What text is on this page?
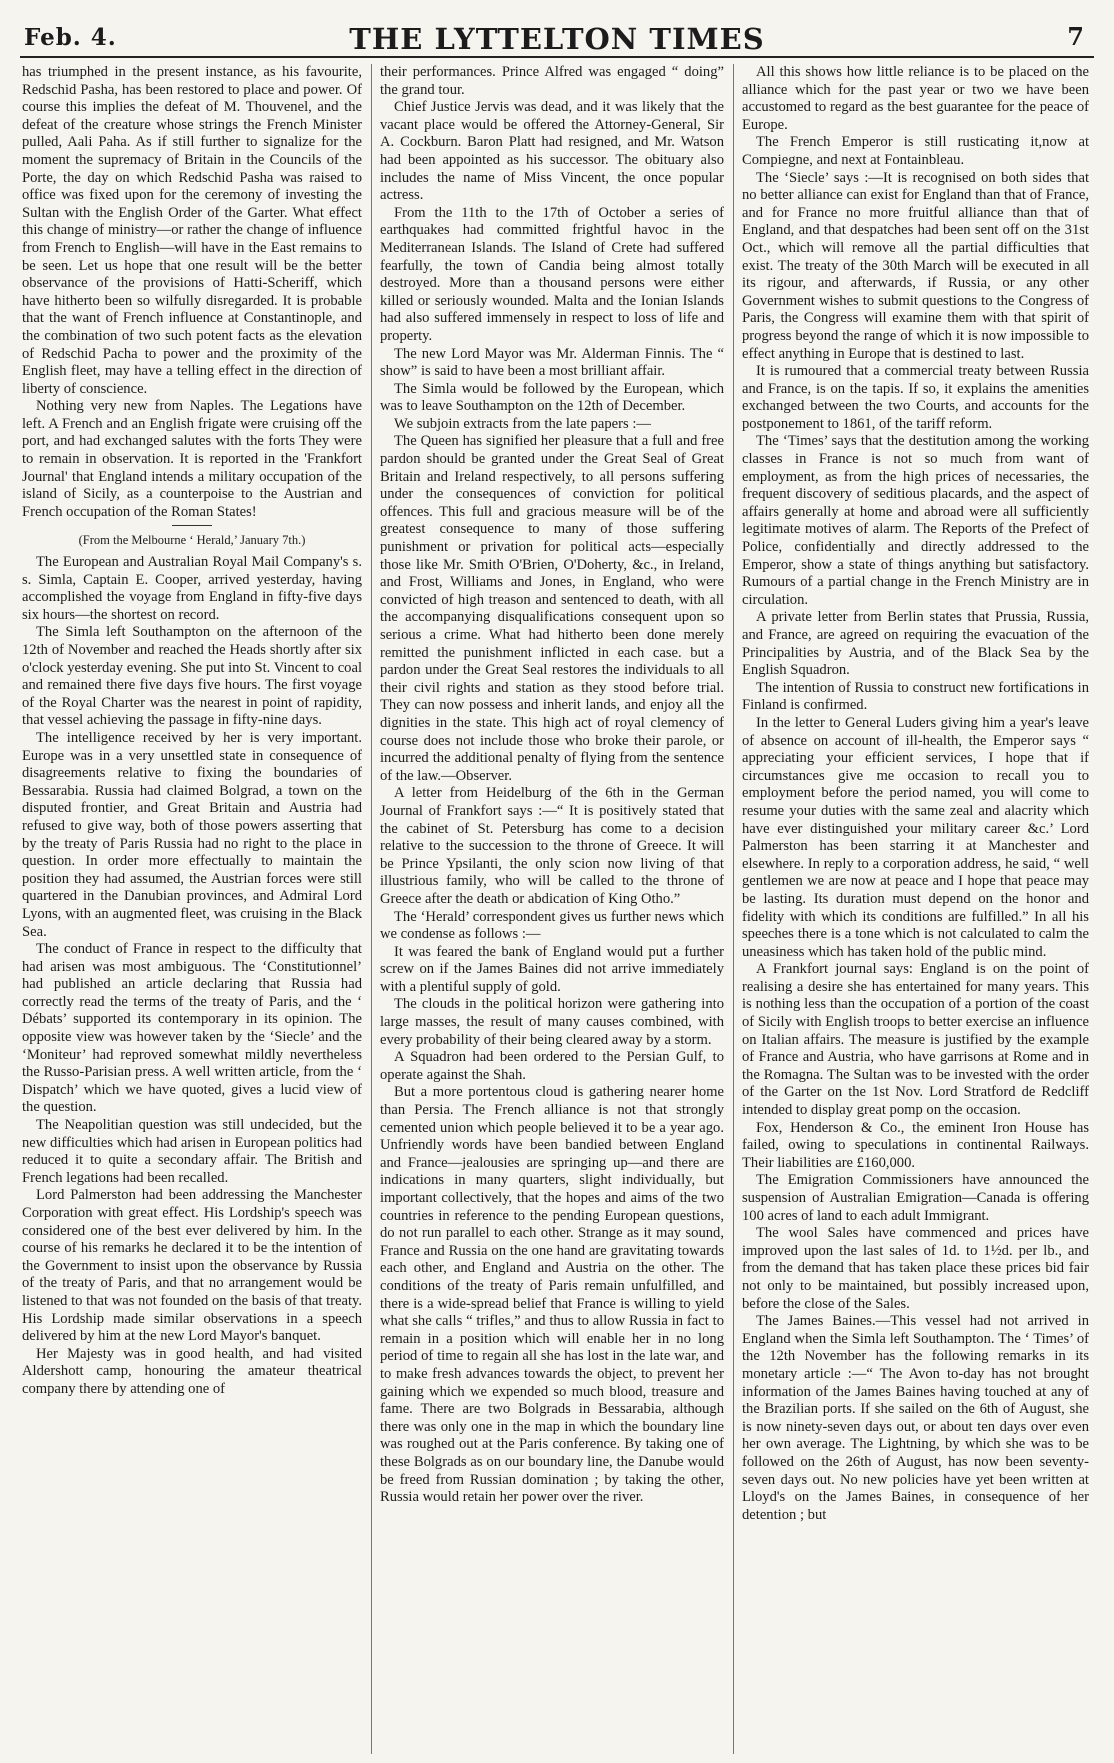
Feb. 4.	THE LYTTELTON TIMES	7

has triumphed in the present instance, as his favourite, Redschid Pasha, has been restored to place and power. Of course this implies the defeat of M. Thouvenel, and the defeat of the creature whose strings the French Minister pulled, Aali Paha. As if still further to signalize for the moment the supremacy of Britain in the Councils of the Porte, the day on which Redschid Pasha was raised to office was fixed upon for the ceremony of investing the Sultan with the English Order of the Garter. What effect this change of ministry—or rather the change of influence from French to English—will have in the East remains to be seen. Let us hope that one result will be the better observance of the provisions of Hatti-Scheriff, which have hitherto been so wilfully disregarded. It is probable that the want of French influence at Constantinople, and the combination of two such potent facts as the elevation of Redschid Pacha to power and the proximity of the English fleet, may have a telling effect in the direction of liberty of conscience.

Nothing very new from Naples. The Legations have left. A French and an English frigate were cruising off the port, and had exchanged salutes with the forts They were to remain in observation. It is reported in the 'Frankfort Journal' that England intends a military occupation of the island of Sicily, as a counterpoise to the Austrian and French occupation of the Roman States!

(From the Melbourne ‘ Herald,’ January 7th.)

The European and Australian Royal Mail Company's s. s. Simla, Captain E. Cooper, arrived yesterday, having accomplished the voyage from England in fifty-five days six hours—the shortest on record.

The Simla left Southampton on the afternoon of the 12th of November and reached the Heads shortly after six o'clock yesterday evening. She put into St. Vincent to coal and remained there five days five hours. The first voyage of the Royal Charter was the nearest in point of rapidity, that vessel achieving the passage in fifty-nine days.

The intelligence received by her is very important. Europe was in a very unsettled state in consequence of disagreements relative to fixing the boundaries of Bessarabia. Russia had claimed Bolgrad, a town on the disputed frontier, and Great Britain and Austria had refused to give way, both of those powers asserting that by the treaty of Paris Russia had no right to the place in question. In order more effectually to maintain the position they had assumed, the Austrian forces were still quartered in the Danubian provinces, and Admiral Lord Lyons, with an augmented fleet, was cruising in the Black Sea.

The conduct of France in respect to the difficulty that had arisen was most ambiguous. The ‘Constitutionnel’ had published an article declaring that Russia had correctly read the terms of the treaty of Paris, and the ‘ Débats’ supported its contemporary in its opinion. The opposite view was however taken by the ‘Siecle’ and the ‘Moniteur’ had reproved somewhat mildly nevertheless the Russo-Parisian press. A well written article, from the ‘ Dispatch’ which we have quoted, gives a lucid view of the question.

The Neapolitian question was still undecided, but the new difficulties which had arisen in European politics had reduced it to quite a secondary affair. The British and French legations had been recalled.

Lord Palmerston had been addressing the Manchester Corporation with great effect. His Lordship's speech was considered one of the best ever delivered by him. In the course of his remarks he declared it to be the intention of the Government to insist upon the observance by Russia of the treaty of Paris, and that no arrangement would be listened to that was not founded on the basis of that treaty. His Lordship made similar observations in a speech delivered by him at the new Lord Mayor's banquet.

Her Majesty was in good health, and had visited Aldershott camp, honouring the amateur theatrical company there by attending one of

their performances. Prince Alfred was engaged “ doing” the grand tour.

Chief Justice Jervis was dead, and it was likely that the vacant place would be offered the Attorney-General, Sir A. Cockburn. Baron Platt had resigned, and Mr. Watson had been appointed as his successor. The obituary also includes the name of Miss Vincent, the once popular actress.

From the 11th to the 17th of October a series of earthquakes had committed frightful havoc in the Mediterranean Islands. The Island of Crete had suffered fearfully, the town of Candia being almost totally destroyed. More than a thousand persons were either killed or seriously wounded. Malta and the Ionian Islands had also suffered immensely in respect to loss of life and property.

The new Lord Mayor was Mr. Alderman Finnis. The “ show” is said to have been a most brilliant affair.

The Simla would be followed by the European, which was to leave Southampton on the 12th of December.

We subjoin extracts from the late papers :—

The Queen has signified her pleasure that a full and free pardon should be granted under the Great Seal of Great Britain and Ireland respectively, to all persons suffering under the consequences of conviction for political offences. This full and gracious measure will be of the greatest consequence to many of those suffering punishment or privation for political acts—especially those like Mr. Smith O'Brien, O'Doherty, &c., in Ireland, and Frost, Williams and Jones, in England, who were convicted of high treason and sentenced to death, with all the accompanying disqualifications consequent upon so serious a crime. What had hitherto been done merely remitted the punishment inflicted in each case. but a pardon under the Great Seal restores the individuals to all their civil rights and station as they stood before trial. They can now possess and inherit lands, and enjoy all the dignities in the state. This high act of royal clemency of course does not include those who broke their parole, or incurred the additional penalty of flying from the sentence of the law.—Observer.

A letter from Heidelburg of the 6th in the German Journal of Frankfort says :—“ It is positively stated that the cabinet of St. Petersburg has come to a decision relative to the succession to the throne of Greece. It will be Prince Ypsilanti, the only scion now living of that illustrious family, who will be called to the throne of Greece after the death or abdication of King Otho.”

The ‘Herald’ correspondent gives us further news which we condense as follows :—

It was feared the bank of England would put a further screw on if the James Baines did not arrive immediately with a plentiful supply of gold.

The clouds in the political horizon were gathering into large masses, the result of many causes combined, with every probability of their being cleared away by a storm.

A Squadron had been ordered to the Persian Gulf, to operate against the Shah.

But a more portentous cloud is gathering nearer home than Persia. The French alliance is not that strongly cemented union which people believed it to be a year ago. Unfriendly words have been bandied between England and France—jealousies are springing up—and there are indications in many quarters, slight individually, but important collectively, that the hopes and aims of the two countries in reference to the pending European questions, do not run parallel to each other. Strange as it may sound, France and Russia on the one hand are gravitating towards each other, and England and Austria on the other. The conditions of the treaty of Paris remain unfulfilled, and there is a wide-spread belief that France is willing to yield what she calls “ trifles,” and thus to allow Russia in fact to remain in a position which will enable her in no long period of time to regain all she has lost in the late war, and to make fresh advances towards the object, to prevent her gaining which we expended so much blood, treasure and fame. There are two Bolgrads in Bessarabia, although there was only one in the map in which the boundary line was roughed out at the Paris conference. By taking one of these Bolgrads as on our boundary line, the Danube would be freed from Russian domination ; by taking the other, Russia would retain her power over the river.

All this shows how little reliance is to be placed on the alliance which for the past year or two we have been accustomed to regard as the best guarantee for the peace of Europe.

The French Emperor is still rusticating it,now at Compiegne, and next at Fontainbleau.

The ‘Siecle’ says :—It is recognised on both sides that no better alliance can exist for England than that of France, and for France no more fruitful alliance than that of England, and that despatches had been sent off on the 31st Oct., which will remove all the partial difficulties that exist. The treaty of the 30th March will be executed in all its rigour, and afterwards, if Russia, or any other Government wishes to submit questions to the Congress of Paris, the Congress will examine them with that spirit of progress beyond the range of which it is now impossible to effect anything in Europe that is destined to last.

It is rumoured that a commercial treaty between Russia and France, is on the tapis. If so, it explains the amenities exchanged between the two Courts, and accounts for the postponement to 1861, of the tariff reform.

The ‘Times’ says that the destitution among the working classes in France is not so much from want of employment, as from the high prices of necessaries, the frequent discovery of seditious placards, and the aspect of affairs generally at home and abroad were all sufficiently legitimate motives of alarm. The Reports of the Prefect of Police, confidentially and directly addressed to the Emperor, show a state of things anything but satisfactory. Rumours of a partial change in the French Ministry are in circulation.

A private letter from Berlin states that Prussia, Russia, and France, are agreed on requiring the evacuation of the Principalities by Austria, and of the Black Sea by the English Squadron.

The intention of Russia to construct new fortifications in Finland is confirmed.

In the letter to General Luders giving him a year's leave of absence on account of ill-health, the Emperor says “ appreciating your efficient services, I hope that if circumstances give me occasion to recall you to employment before the period named, you will come to resume your duties with the same zeal and alacrity which have ever distinguished your military career &c.’ Lord Palmerston has been starring it at Manchester and elsewhere. In reply to a corporation address, he said, “ well gentlemen we are now at peace and I hope that peace may be lasting. Its duration must depend on the honor and fidelity with which its conditions are fulfilled.” In all his speeches there is a tone which is not calculated to calm the uneasiness which has taken hold of the public mind.

A Frankfort journal says: England is on the point of realising a desire she has entertained for many years. This is nothing less than the occupation of a portion of the coast of Sicily with English troops to better exercise an influence on Italian affairs. The measure is justified by the example of France and Austria, who have garrisons at Rome and in the Romagna. The Sultan was to be invested with the order of the Garter on the 1st Nov. Lord Stratford de Redcliff intended to display great pomp on the occasion.

Fox, Henderson & Co., the eminent Iron House has failed, owing to speculations in continental Railways. Their liabilities are £160,000.

The Emigration Commissioners have announced the suspension of Australian Emigration—Canada is offering 100 acres of land to each adult Immigrant.

The wool Sales have commenced and prices have improved upon the last sales of 1d. to 1½d. per lb., and from the demand that has taken place these prices bid fair not only to be maintained, but possibly increased upon, before the close of the Sales.

The James Baines.—This vessel had not arrived in England when the Simla left Southampton. The ‘ Times’ of the 12th November has the following remarks in its monetary article :—“ The Avon to-day has not brought information of the James Baines having touched at any of the Brazilian ports. If she sailed on the 6th of August, she is now ninety-seven days out, or about ten days over even her own average. The Lightning, by which she was to be followed on the 26th of August, has now been seventy-seven days out. No new policies have yet been written at Lloyd's on the James Baines, in consequence of her detention ; but
